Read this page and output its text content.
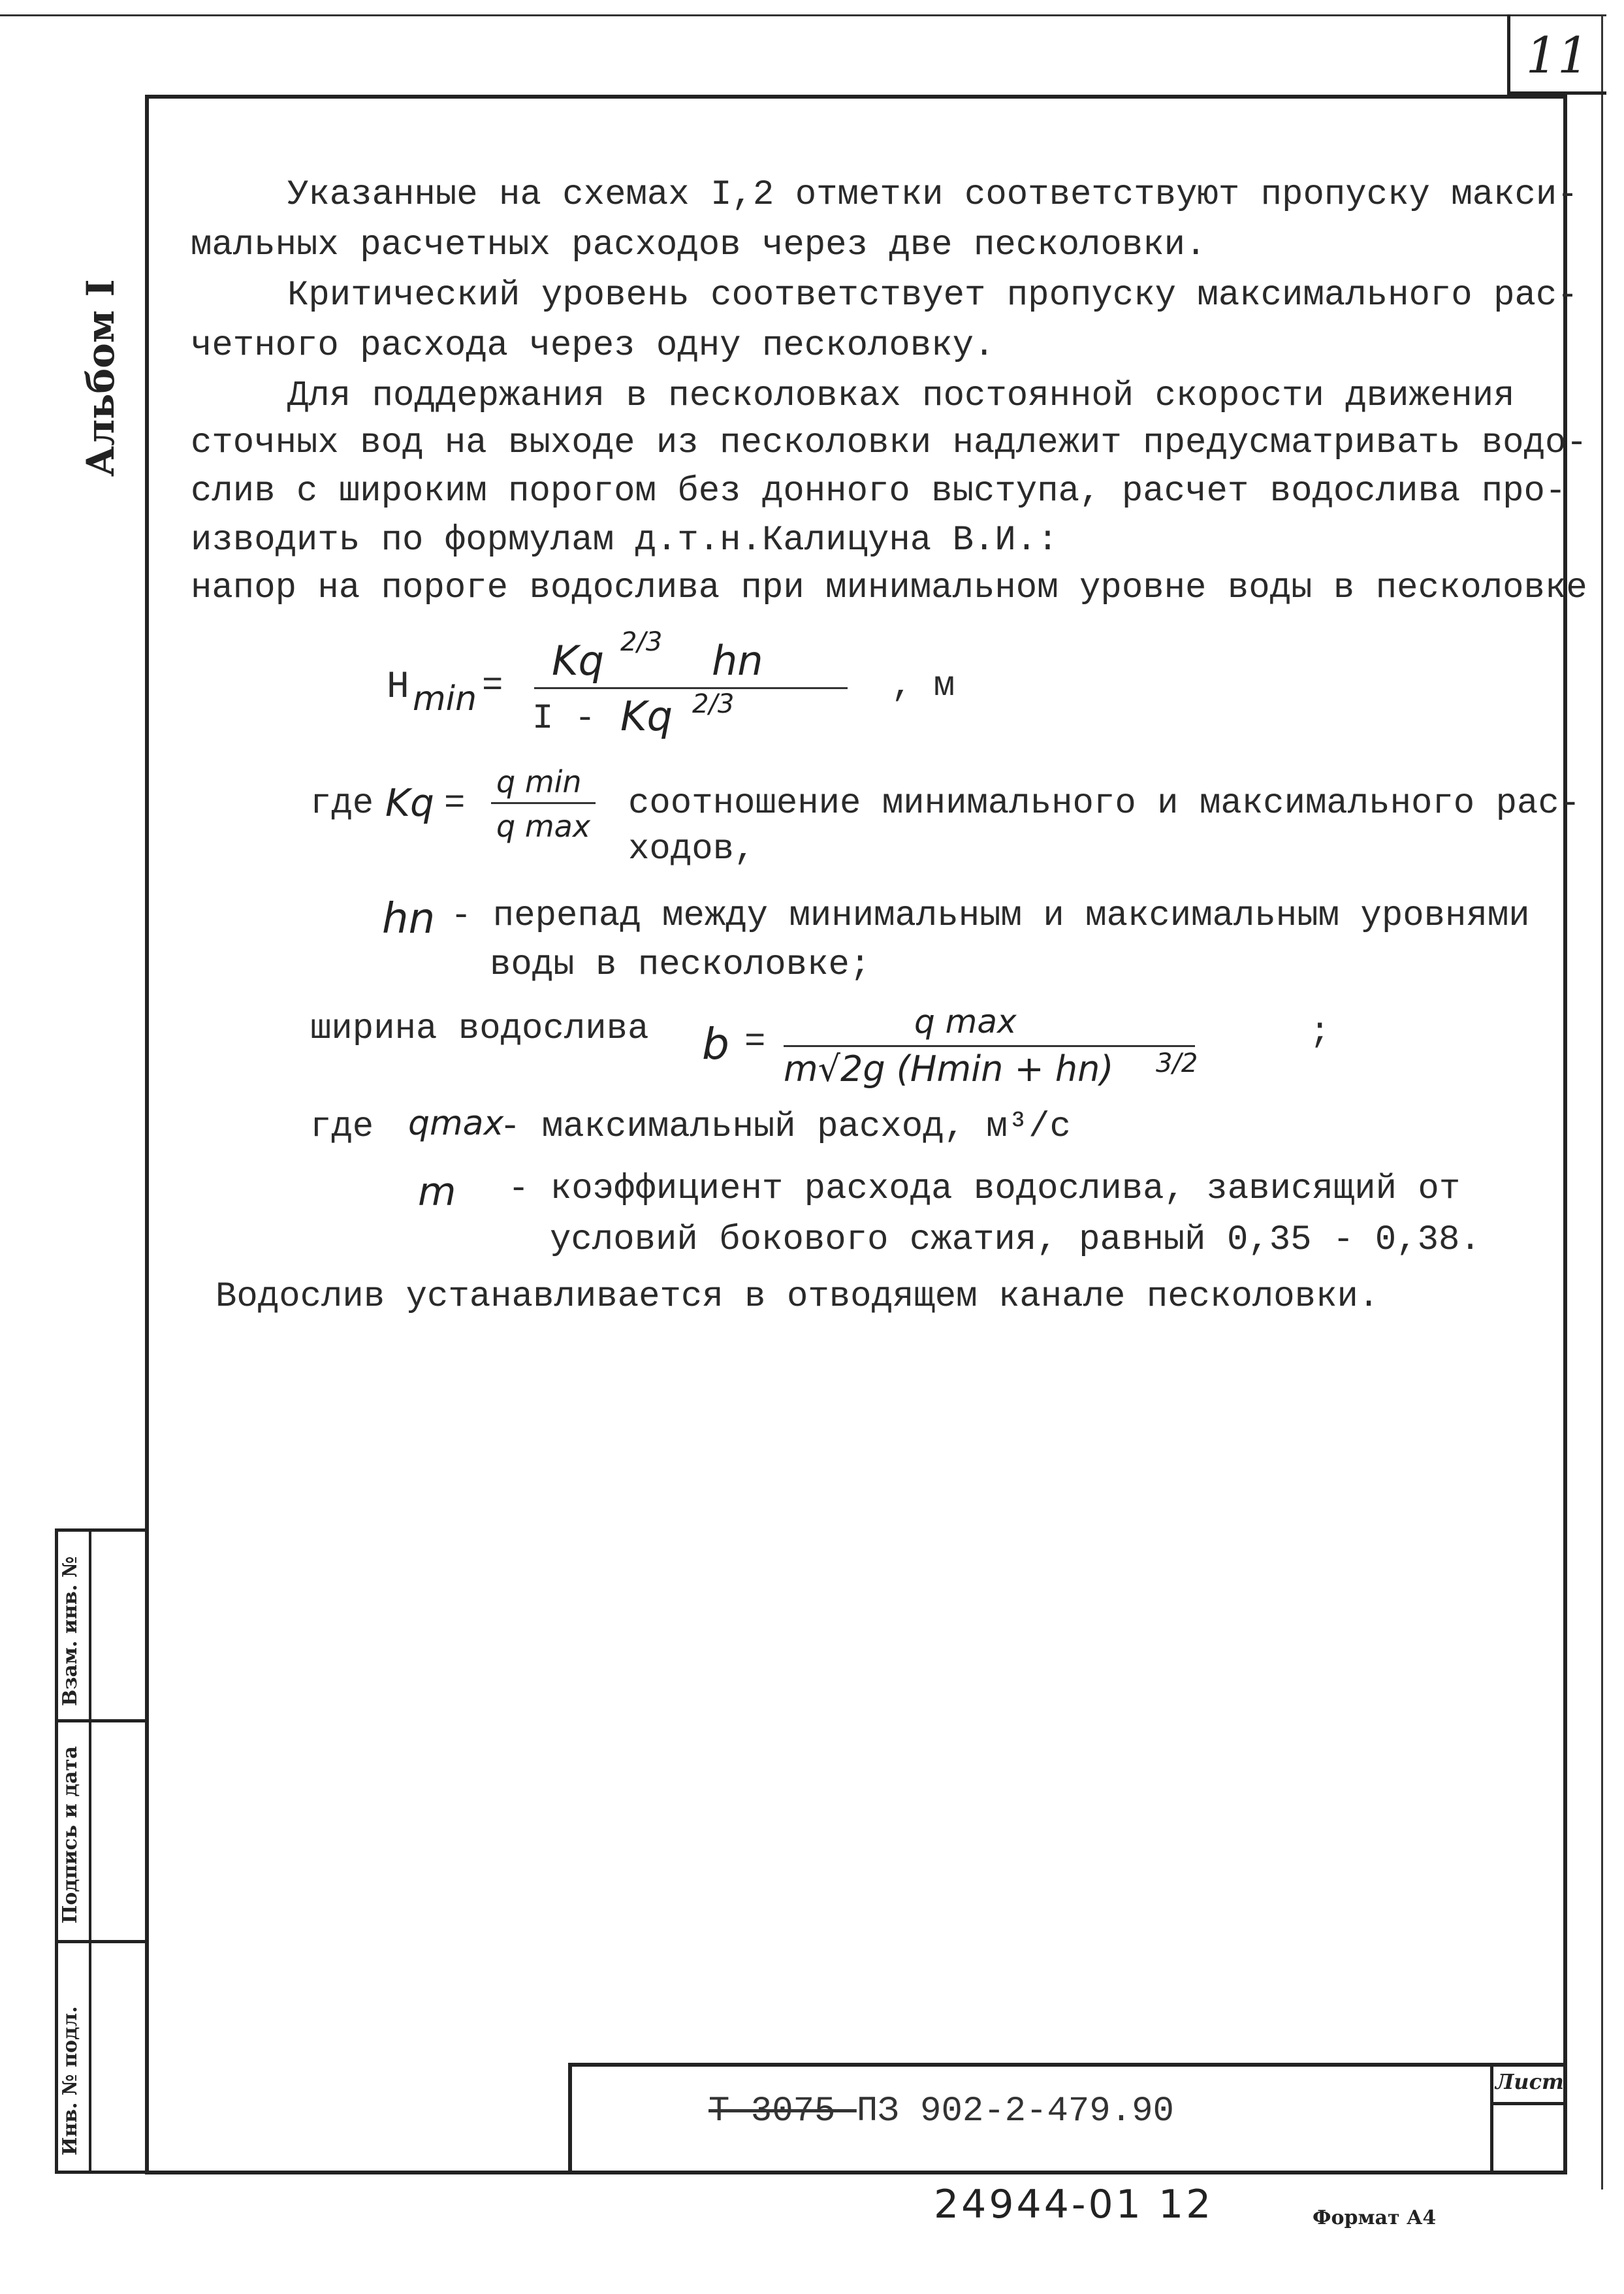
11
Альбом I
Указанные на схемах I,2 отметки соответствуют пропуску макси-
мальных расчетных расходов через две песколовки.
Критический уровень соответствует пропуску максимального рас-
четного расхода через одну песколовку.
Для поддержания в песколовках постоянной скорости движения
сточных вод на выходе из песколовки надлежит предусматривать водо-
слив с широким порогом без донного выступа, расчет водослива про-
изводить по формулам д.т.н.Калицуна В.И.:
напор на пороге водослива при минимальном уровне воды в песколовке
H min =
Kq 2/3 hn
I - Kq 2/3	, м
где Kq =
q min
q max
соотношение минимального и максимального рас-
ходов,
hn - перепад между минимальным и максимальным уровнями
воды в песколовке;
ширина водослива b =
q max
m√2g (Hmin + hn) 3/2
;
где qmax
- максимальный расход, м³/с
m - коэффициент расхода водослива, зависящий от
условий бокового сжатия, равный 0,35 - 0,38.
Водослив устанавливается в отводящем канале песколовки.
Взам. инв. №
Подпись и дата
Инв. № подл.	Лист
Т-3075-ПЗ 902-2-479.90
24944-01 12	Формат А4
